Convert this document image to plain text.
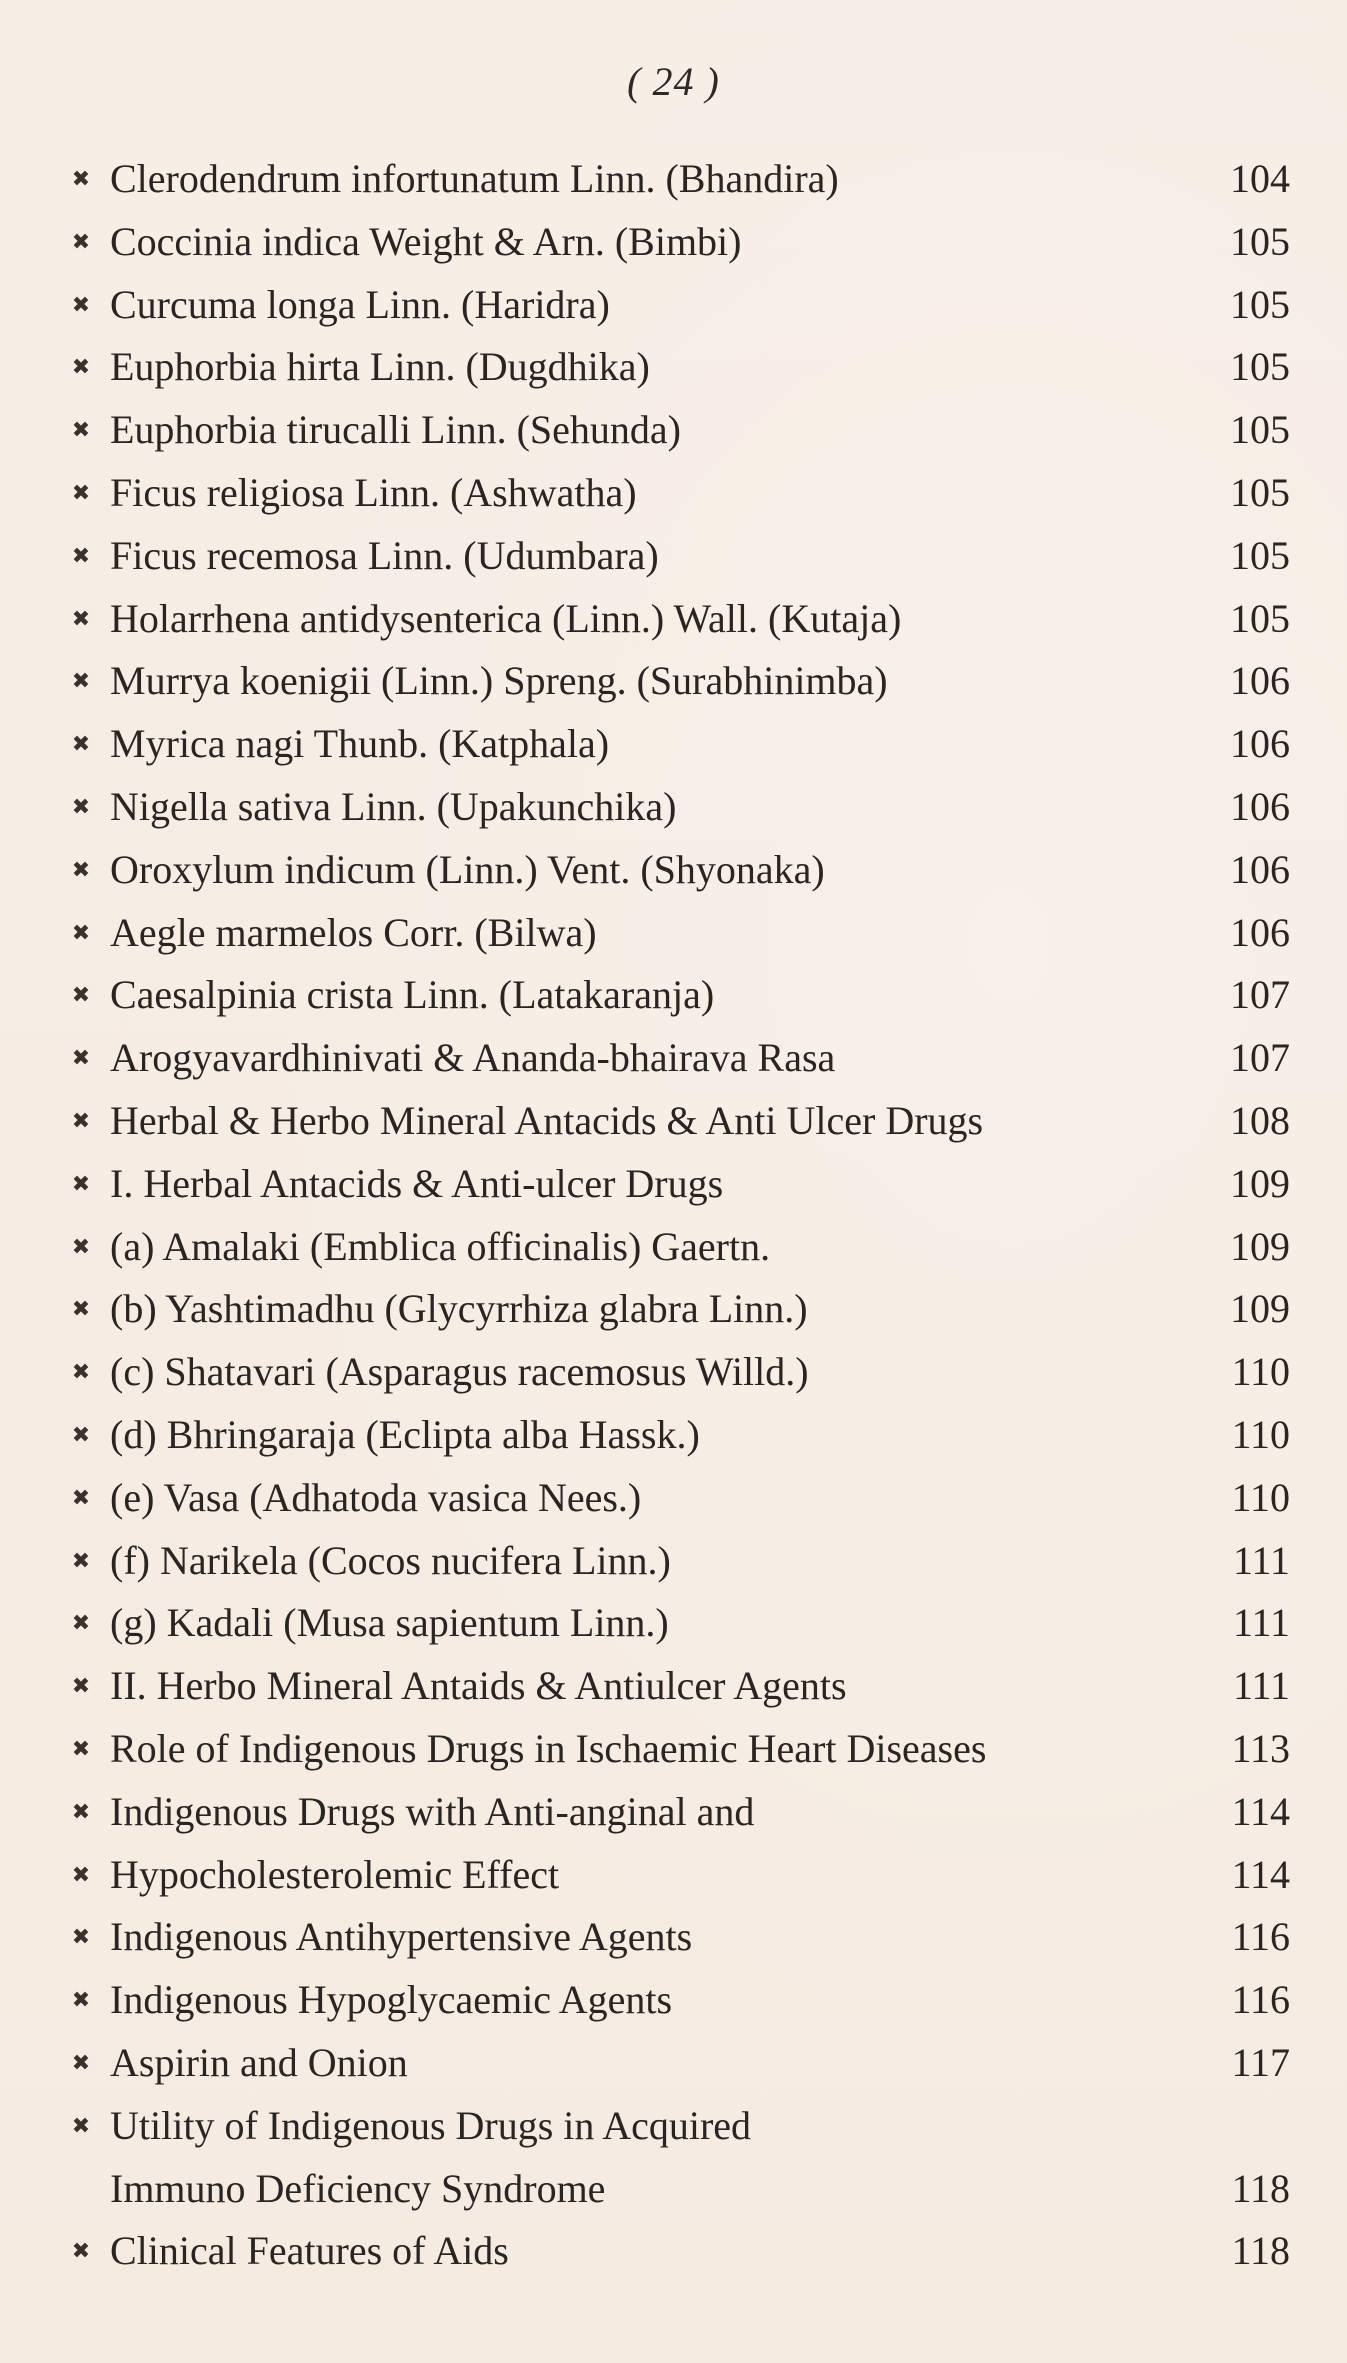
( 24 )
✖ Clerodendrum infortunatum Linn. (Bhandira)	104
✖ Coccinia indica Weight & Arn. (Bimbi)	105
✖ Curcuma longa Linn. (Haridra)	105
✖ Euphorbia hirta Linn. (Dugdhika)	105
✖ Euphorbia tirucalli Linn. (Sehunda)	105
✖ Ficus religiosa Linn. (Ashwatha)	105
✖ Ficus recemosa Linn. (Udumbara)	105
✖ Holarrhena antidysenterica (Linn.) Wall. (Kutaja)	105
✖ Murrya koenigii (Linn.) Spreng. (Surabhinimba)	106
✖ Myrica nagi Thunb. (Katphala)	106
✖ Nigella sativa Linn. (Upakunchika)	106
✖ Oroxylum indicum (Linn.) Vent. (Shyonaka)	106
✖ Aegle marmelos Corr. (Bilwa)	106
✖ Caesalpinia crista Linn. (Latakaranja)	107
✖ Arogyavardhinivati & Ananda-bhairava Rasa	107
✖ Herbal & Herbo Mineral Antacids & Anti Ulcer Drugs	108
✖ I. Herbal Antacids & Anti-ulcer Drugs	109
✖ (a) Amalaki (Emblica officinalis) Gaertn.	109
✖ (b) Yashtimadhu (Glycyrrhiza glabra Linn.)	109
✖ (c) Shatavari (Asparagus racemosus Willd.)	110
✖ (d) Bhringaraja (Eclipta alba Hassk.)	110
✖ (e) Vasa (Adhatoda vasica Nees.)	110
✖ (f) Narikela (Cocos nucifera Linn.)	111
✖ (g) Kadali (Musa sapientum Linn.)	111
✖ II. Herbo Mineral Antaids & Antiulcer Agents	111
✖ Role of Indigenous Drugs in Ischaemic Heart Diseases	113
✖ Indigenous Drugs with Anti-anginal and	114
✖ Hypocholesterolemic Effect	114
✖ Indigenous Antihypertensive Agents	116
✖ Indigenous Hypoglycaemic Agents	116
✖ Aspirin and Onion	117
✖ Utility of Indigenous Drugs in Acquired
Immuno Deficiency Syndrome	118
✖ Clinical Features of Aids	118
